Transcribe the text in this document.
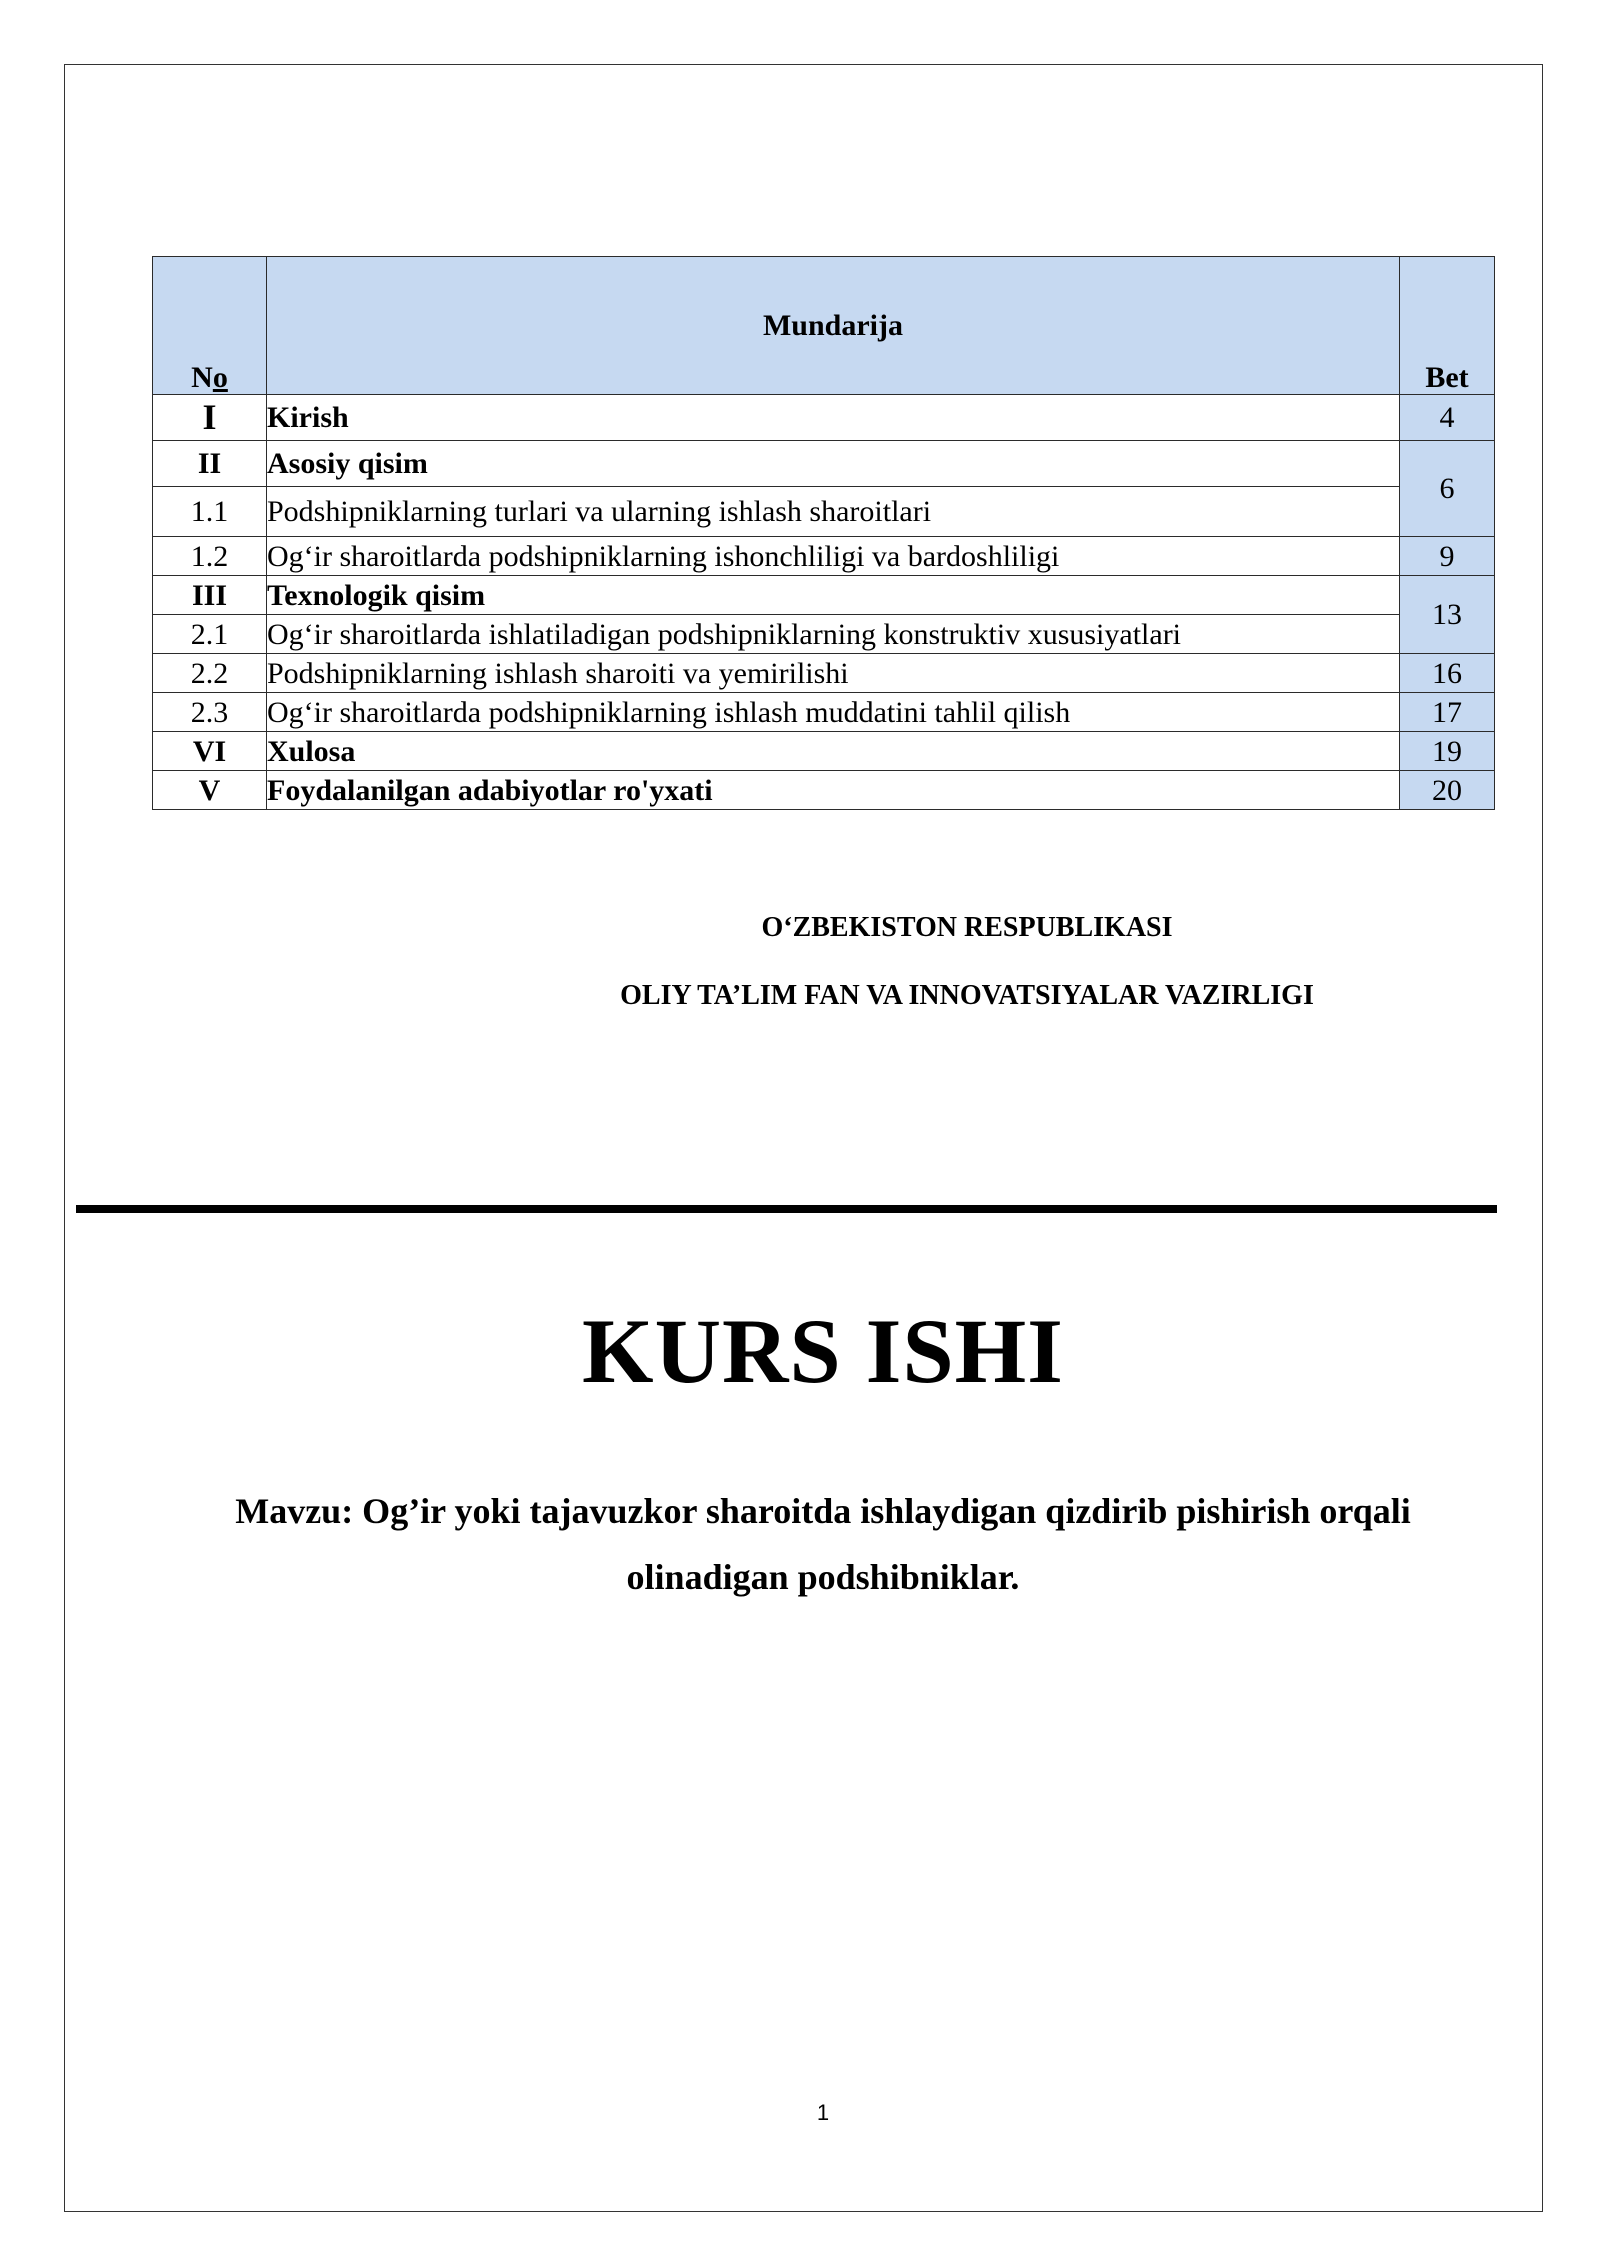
No	Mundarija	Bet
I	Kirish	4
II	Asosiy qisim	6
1.1	Podshipniklarning turlari va ularning ishlash sharoitlari	
1.2	Og‘ir sharoitlarda podshipniklarning ishonchliligi va bardoshliligi	9
III	Texnologik qisim	13
2.1	Og‘ir sharoitlarda ishlatiladigan podshipniklarning konstruktiv xususiyatlari	
2.2	Podshipniklarning ishlash sharoiti va yemirilishi	16
2.3	Og‘ir sharoitlarda podshipniklarning ishlash muddatini tahlil qilish	17
VI	Xulosa	19
V	Foydalanilgan adabiyotlar ro'yxati	20
O‘ZBEKISTON RESPUBLIKASI
OLIY TA’LIM FAN VA INNOVATSIYALAR VAZIRLIGI
KURS ISHI
Mavzu: Og’ir yoki tajavuzkor sharoitda ishlaydigan qizdirib pishirish orqali
olinadigan podshibniklar.
1
